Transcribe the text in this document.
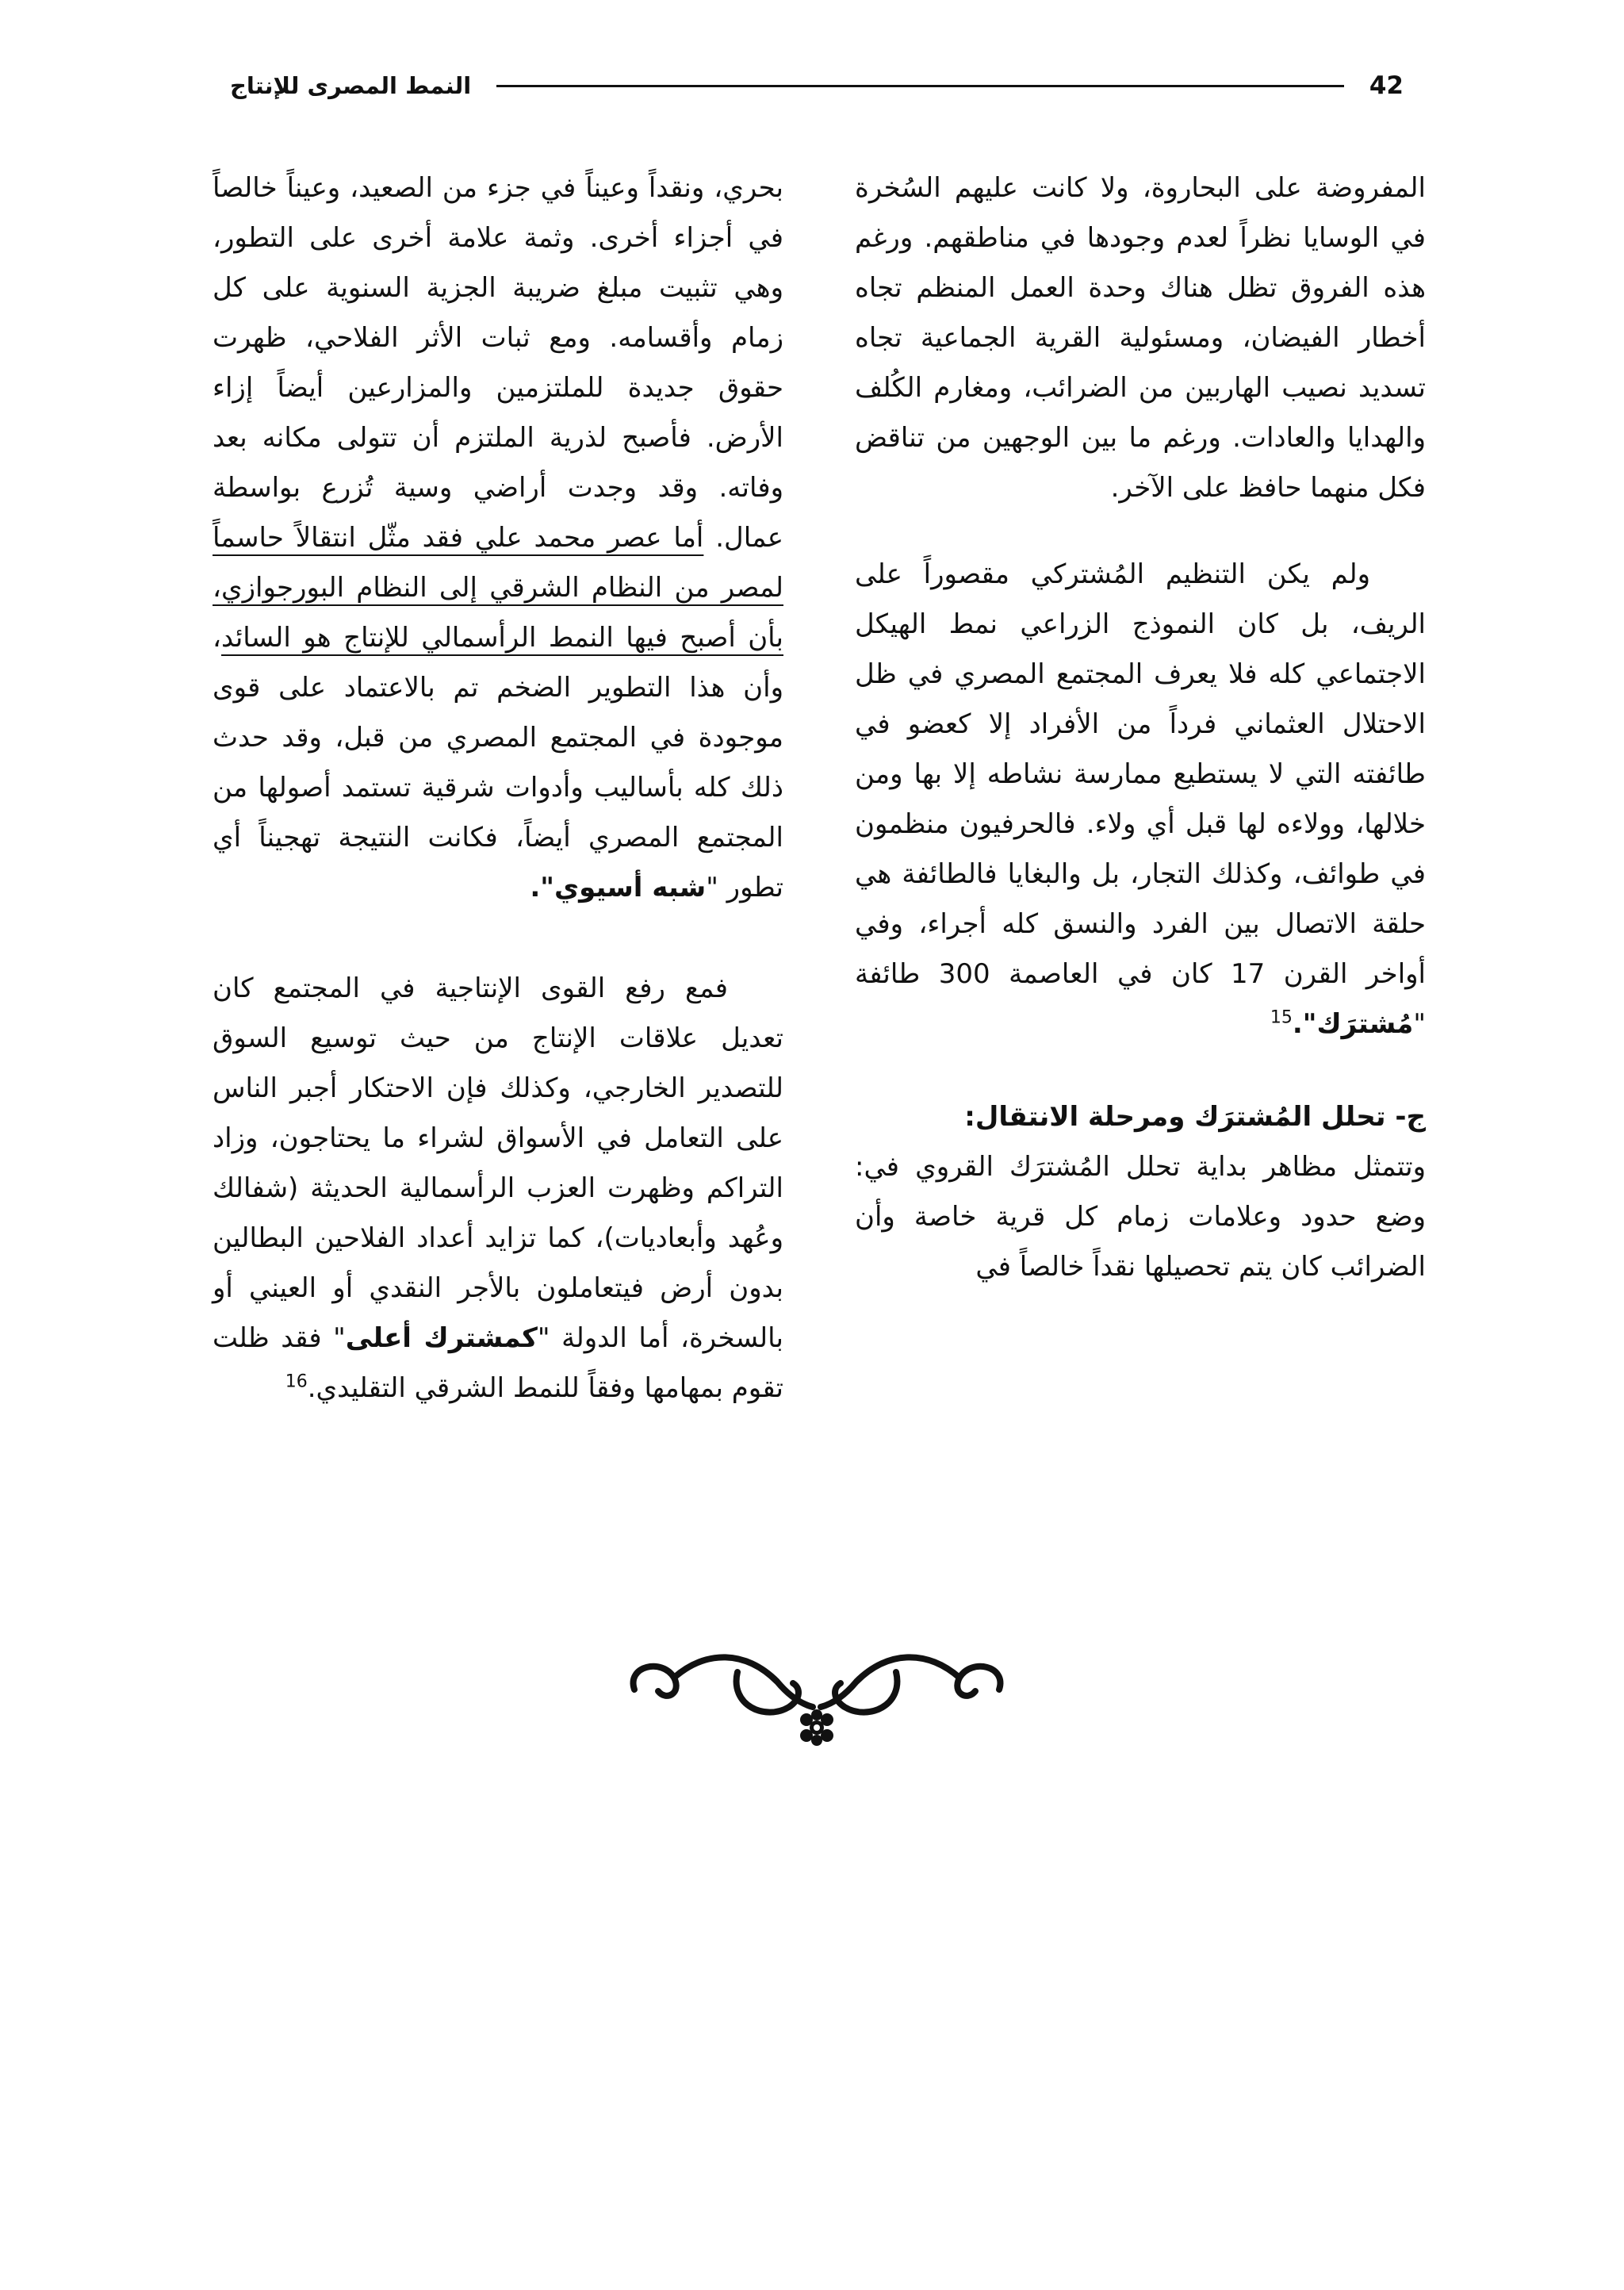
42
النمط المصرى للإنتاج

المفروضة على البحاروة، ولا كانت عليهم السُخرة في الوسايا نظراً لعدم وجودها في مناطقهم. ورغم هذه الفروق تظل هناك وحدة العمل المنظم تجاه أخطار الفيضان، ومسئولية القرية الجماعية تجاه تسديد نصيب الهاربين من الضرائب، ومغارم الكُلف والهدايا والعادات. ورغم ما بين الوجهين من تناقض فكل منهما حافظ على الآخر.

ولم يكن التنظيم المُشتركي مقصوراً على الريف، بل كان النموذج الزراعي نمط الهيكل الاجتماعي كله فلا يعرف المجتمع المصري في ظل الاحتلال العثماني فرداً من الأفراد إلا كعضو في طائفته التي لا يستطيع ممارسة نشاطه إلا بها ومن خلالها، وولاءه لها قبل أي ولاء. فالحرفيون منظمون في طوائف، وكذلك التجار، بل والبغايا فالطائفة هي حلقة الاتصال بين الفرد والنسق كله أجراء، وفي أواخر القرن 17 كان في العاصمة 300 طائفة "مُشترَك".$^{15}$

ج- تحلل المُشترَك ومرحلة الانتقال:

وتتمثل مظاهر بداية تحلل المُشترَك القروي في: وضع حدود وعلامات زمام كل قرية خاصة وأن الضرائب كان يتم تحصيلها نقداً خالصاً في

بحري، ونقداً وعيناً في جزء من الصعيد، وعيناً خالصاً في أجزاء أخرى. وثمة علامة أخرى على التطور، وهي تثبيت مبلغ ضريبة الجزية السنوية على كل زمام وأقسامه. ومع ثبات الأثر الفلاحي، ظهرت حقوق جديدة للملتزمين والمزارعين أيضاً إزاء الأرض. فأصبح لذرية الملتزم أن تتولى مكانه بعد وفاته. وقد وجدت أراضي وسية تُزرع بواسطة عمال. أما عصر محمد علي فقد مثّل انتقالاً حاسماً لمصر من النظام الشرقي إلى النظام البورجوازي، بأن أصبح فيها النمط الرأسمالي للإنتاج هو السائد، وأن هذا التطوير الضخم تم بالاعتماد على قوى موجودة في المجتمع المصري من قبل، وقد حدث ذلك كله بأساليب وأدوات شرقية تستمد أصولها من المجتمع المصري أيضاً، فكانت النتيجة تهجيناً أي تطور "شبه أسيوي".

فمع رفع القوى الإنتاجية في المجتمع كان تعديل علاقات الإنتاج من حيث توسيع السوق للتصدير الخارجي، وكذلك فإن الاحتكار أجبر الناس على التعامل في الأسواق لشراء ما يحتاجون، وزاد التراكم وظهرت العزب الرأسمالية الحديثة (شفالك وعُهد وأبعاديات)، كما تزايد أعداد الفلاحين البطالين بدون أرض فيتعاملون بالأجر النقدي أو العيني أو بالسخرة، أما الدولة "كمشترك أعلى" فقد ظلت تقوم بمهامها وفقاً للنمط الشرقي التقليدي.$^{16}$
